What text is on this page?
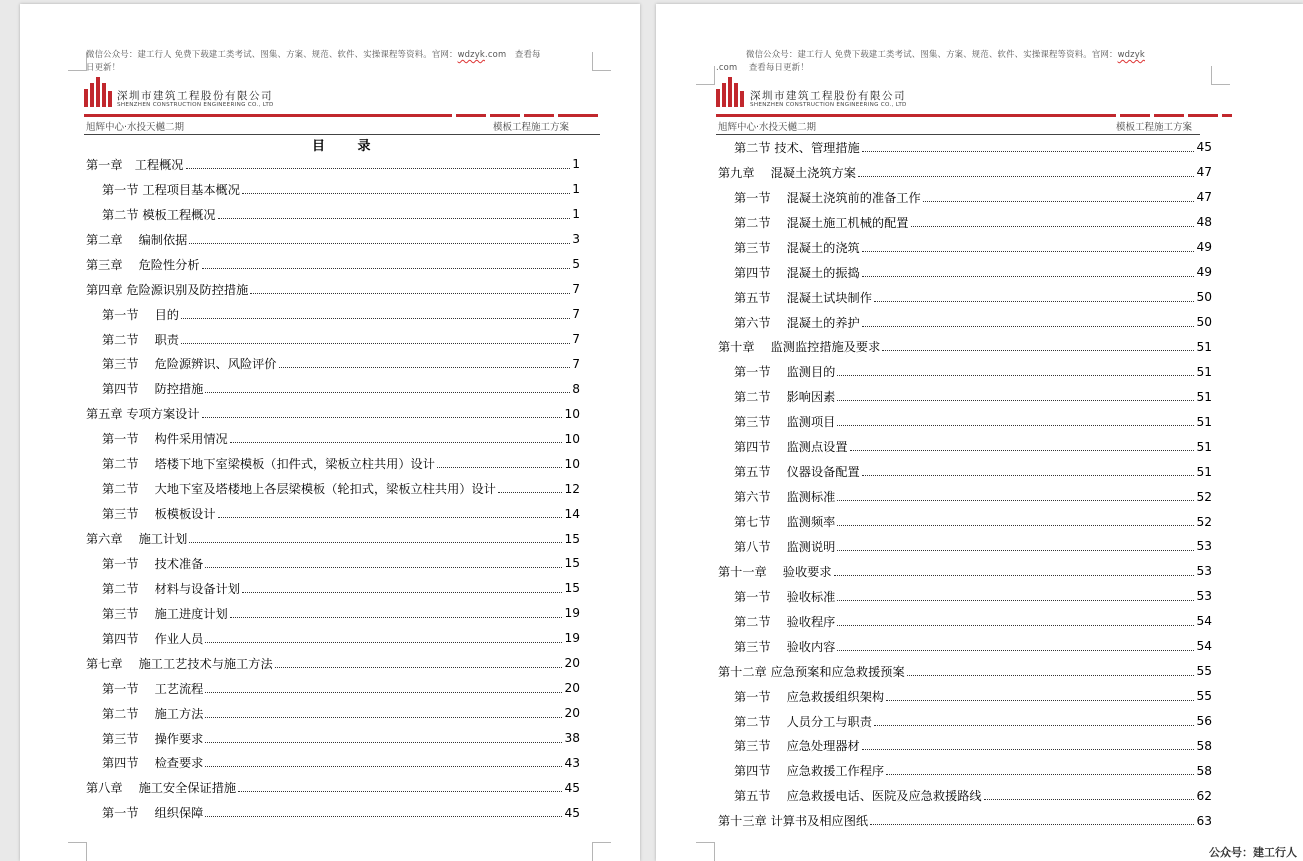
微信公众号：建工行人 免费下载建工类考试、图集、方案、规范、软件、实操课程等资料。官网：wdzyk.com　查看每
日更新！
深圳市建筑工程股份有限公司
SHENZHEN CONSTRUCTION ENGINEERING CO., LTD
旭辉中心·水投天樾二期	模板工程施工方案
目 录
第一章　工程概况	1
第一节 工程项目基本概况	1
第二节 模板工程概况	1
第二章　 编制依据	3
第三章　 危险性分析	5
第四章 危险源识别及防控措施	7
第一节　 目的	7
第二节　 职责	7
第三节　 危险源辨识、风险评价	7
第四节　 防控措施	8
第五章 专项方案设计	10
第一节　 构件采用情况	10
第二节　 塔楼下地下室梁模板（扣件式，梁板立柱共用）设计	10
第二节　 大地下室及塔楼地上各层梁模板（轮扣式，梁板立柱共用）设计	12
第三节　 板模板设计	14
第六章　 施工计划	15
第一节　 技术准备	15
第二节　 材料与设备计划	15
第三节　 施工进度计划	19
第四节　 作业人员	19
第七章　 施工工艺技术与施工方法	20
第一节　 工艺流程	20
第二节　 施工方法	20
第三节　 操作要求	38
第四节　 检查要求	43
第八章　 施工安全保证措施	45
第一节　 组织保障	45
微信公众号：建工行人 免费下载建工类考试、图集、方案、规范、软件、实操课程等资料。官网：wdzyk
.com 查看每日更新！
深圳市建筑工程股份有限公司
SHENZHEN CONSTRUCTION ENGINEERING CO., LTD
旭辉中心·水投天樾二期	模板工程施工方案
第二节 技术、管理措施	45
第九章　 混凝土浇筑方案	47
第一节　 混凝土浇筑前的准备工作	47
第二节　 混凝土施工机械的配置	48
第三节　 混凝土的浇筑	49
第四节　 混凝土的振捣	49
第五节　 混凝土试块制作	50
第六节　 混凝土的养护	50
第十章　 监测监控措施及要求	51
第一节　 监测目的	51
第二节　 影响因素	51
第三节　 监测项目	51
第四节　 监测点设置	51
第五节　 仪器设备配置	51
第六节　 监测标准	52
第七节　 监测频率	52
第八节　 监测说明	53
第十一章　 验收要求	53
第一节　 验收标准	53
第二节　 验收程序	54
第三节　 验收内容	54
第十二章 应急预案和应急救援预案	55
第一节　 应急救援组织架构	55
第二节　 人员分工与职责	56
第三节　 应急处理器材	58
第四节　 应急救援工作程序	58
第五节　 应急救援电话、医院及应急救援路线	62
第十三章 计算书及相应图纸	63
公众号：建工行人
